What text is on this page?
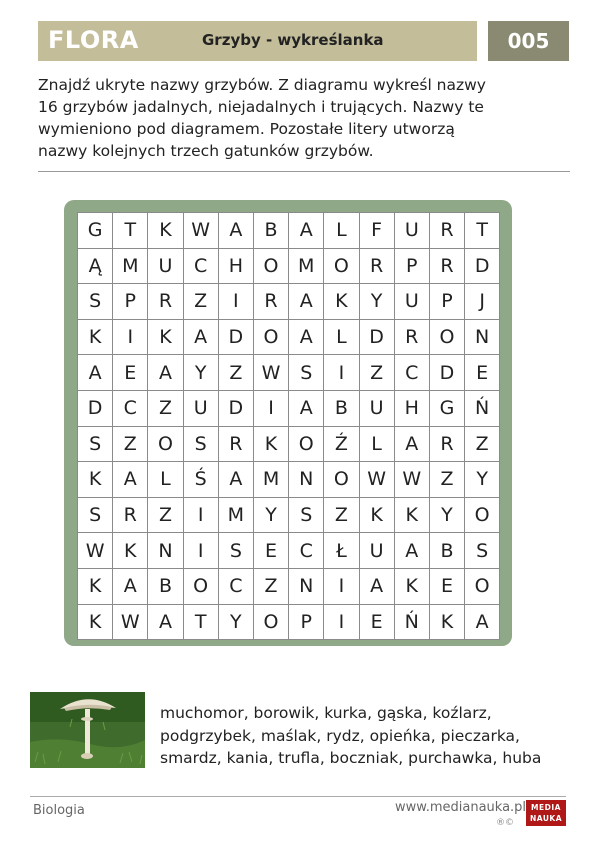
FLORA	Grzyby - wykreślanka	005
Znajdź ukryte nazwy grzybów. Z diagramu wykreśl nazwy
16 grzybów jadalnych, niejadalnych i trujących. Nazwy te
wymieniono pod diagramem. Pozostałe litery utworzą
nazwy kolejnych trzech gatunków grzybów.
G	T	K	W	A	B	A	L	F	U	R	T
Ą	M	U	C	H	O	M	O	R	P	R	D
S	P	R	Z	I	R	A	K	Y	U	P	J
K	I	K	A	D	O	A	L	D	R	O	N
A	E	A	Y	Z	W	S	I	Z	C	D	E
D	C	Z	U	D	I	A	B	U	H	G	Ń
S	Z	O	S	R	K	O	Ź	L	A	R	Z
K	A	L	Ś	A	M	N	O	W	W	Z	Y
S	R	Z	I	M	Y	S	Z	K	K	Y	O
W	K	N	I	S	E	C	Ł	U	A	B	S
K	A	B	O	C	Z	N	I	A	K	E	O
K	W	A	T	Y	O	P	I	E	Ń	K	A
muchomor, borowik, kurka, gąska, koźlarz,
podgrzybek, maślak, rydz, opieńka, pieczarka,
smardz, kania, trufla, boczniak, purchawka, huba
Biologia	www.medianauka.pl
®©
MEDIA
NAUKA
